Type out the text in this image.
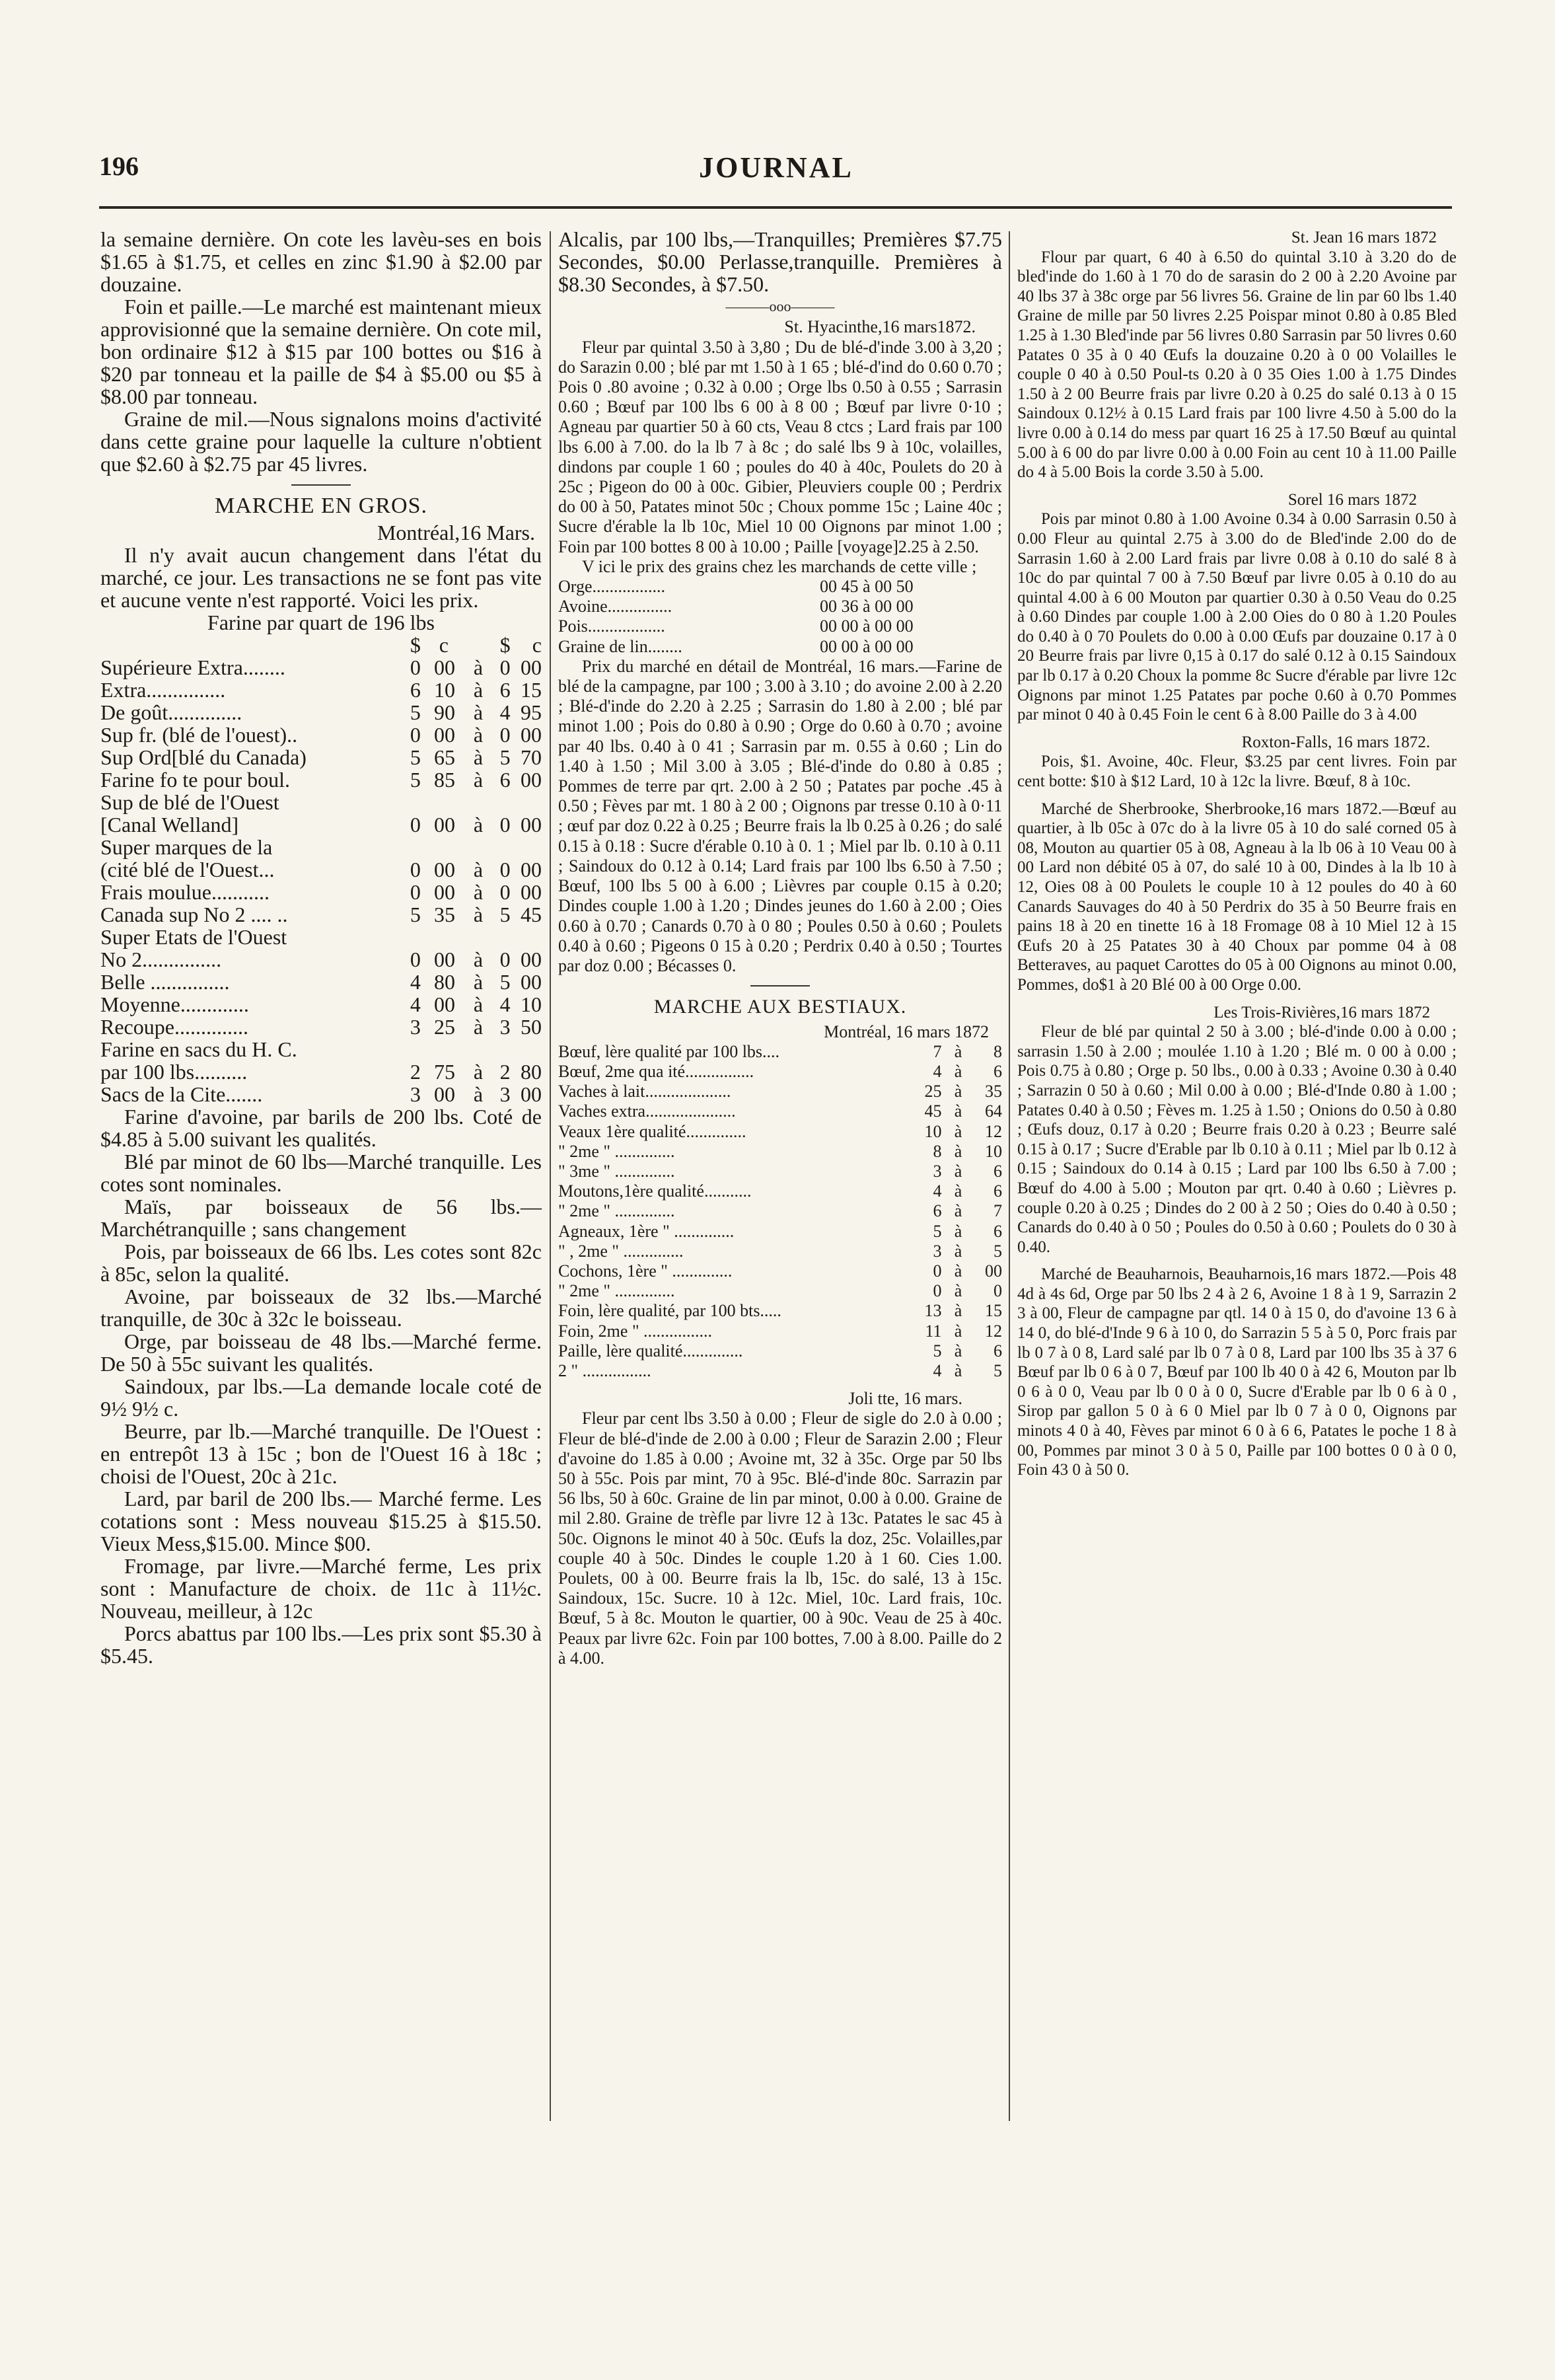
JOURNAL
196

la semaine dernière. On cote les lavèu-ses en bois $1.65 à $1.75, et celles en zinc $1.90 à $2.00 par douzaine.

Foin et paille.—Le marché est maintenant mieux approvisionné que la semaine dernière. On cote mil, bon ordinaire $12 à $15 par 100 bottes ou $16 à $20 par tonneau et la paille de $4 à $5.00 ou $5 à $8.00 par tonneau.

Graine de mil.—Nous signalons moins d'activité dans cette graine pour laquelle la culture n'obtient que $2.60 à $2.75 par 45 livres.

MARCHE EN GROS.

Montréal,16 Mars.

Il n'y avait aucun changement dans l'état du marché, ce jour. Les transactions ne se font pas vite et aucune vente n'est rapporté. Voici les prix.

Farine par quart de 196 lbs

	$	c		$	c
Supérieure Extra........	0	00	à	0	00
Extra...............	6	10	à	6	15
De goût..............	5	90	à	4	95
Sup fr. (blé de l'ouest)..	0	00	à	0	00
Sup Ord[blé du Canada)	5	65	à	5	70
Farine fo te pour boul.	5	85	à	6	00
Sup de blé de l'Ouest					
[Canal Welland]	0	00	à	0	00
Super marques de la					
(cité blé de l'Ouest...	0	00	à	0	00
Frais moulue...........	0	00	à	0	00
Canada sup No 2 .... ..	5	35	à	5	45
Super Etats de l'Ouest					
No 2...............	0	00	à	0	00
Belle ...............	4	80	à	5	00
Moyenne.............	4	00	à	4	10
Recoupe..............	3	25	à	3	50
Farine en sacs du H. C.					
par 100 lbs..........	2	75	à	2	80
Sacs de la Cite.......	3	00	à	3	00

Farine d'avoine, par barils de 200 lbs. Coté de $4.85 à 5.00 suivant les qualités.

Blé par minot de 60 lbs—Marché tranquille. Les cotes sont nominales.

Maïs, par boisseaux de 56 lbs.—Marchétranquille ; sans changement

Pois, par boisseaux de 66 lbs. Les cotes sont 82c à 85c, selon la qualité.

Avoine, par boisseaux de 32 lbs.—Marché tranquille, de 30c à 32c le boisseau.

Orge, par boisseau de 48 lbs.—Marché ferme. De 50 à 55c suivant les qualités.

Saindoux, par lbs.—La demande locale coté de 9½ 9½ c.

Beurre, par lb.—Marché tranquille. De l'Ouest : en entrepôt 13 à 15c ; bon de l'Ouest 16 à 18c ; choisi de l'Ouest, 20c à 21c.

Lard, par baril de 200 lbs.— Marché ferme. Les cotations sont : Mess nouveau $15.25 à $15.50. Vieux Mess,$15.00. Mince $00.

Fromage, par livre.—Marché ferme, Les prix sont : Manufacture de choix. de 11c à 11½c. Nouveau, meilleur, à 12c

Porcs abattus par 100 lbs.—Les prix sont $5.30 à $5.45.

Alcalis, par 100 lbs,—Tranquilles; Premières $7.75 Secondes, $0.00 Perlasse,tranquille. Premières à $8.30 Secondes, à $7.50.

———ooo———

St. Hyacinthe,16 mars1872.

Fleur par quintal 3.50 à 3,80 ; Du de blé-d'inde 3.00 à 3,20 ; do Sarazin 0.00 ; blé par mt 1.50 à 1 65 ; blé-d'ind do 0.60 0.70 ; Pois 0 .80 avoine ; 0.32 à 0.00 ; Orge lbs 0.50 à 0.55 ; Sarrasin 0.60 ; Bœuf par 100 lbs 6 00 à 8 00 ; Bœuf par livre 0·10 ; Agneau par quartier 50 à 60 cts, Veau 8 ctcs ; Lard frais par 100 lbs 6.00 à 7.00. do la lb 7 à 8c ; do salé lbs 9 à 10c, volailles, dindons par couple 1 60 ; poules do 40 à 40c, Poulets do 20 à 25c ; Pigeon do 00 à 00c. Gibier, Pleuviers couple 00 ; Perdrix do 00 à 50, Patates minot 50c ; Choux pomme 15c ; Laine 40c ; Sucre d'érable la lb 10c, Miel 10 00 Oignons par minot 1.00 ; Foin par 100 bottes 8 00 à 10.00 ; Paille [voyage]2.25 à 2.50.

V ici le prix des grains chez les marchands de cette ville ;

Orge.................	00 45 à 00 50
Avoine...............	00 36 à 00 00
Pois..................	00 00 à 00 00
Graine de lin........	00 00 à 00 00

Prix du marché en détail de Montréal, 16 mars.—Farine de blé de la campagne, par 100 ; 3.00 à 3.10 ; do avoine 2.00 à 2.20 ; Blé-d'inde do 2.20 à 2.25 ; Sarrasin do 1.80 à 2.00 ; blé par minot 1.00 ; Pois do 0.80 à 0.90 ; Orge do 0.60 à 0.70 ; avoine par 40 lbs. 0.40 à 0 41 ; Sarrasin par m. 0.55 à 0.60 ; Lin do 1.40 à 1.50 ; Mil 3.00 à 3.05 ; Blé-d'inde do 0.80 à 0.85 ; Pommes de terre par qrt. 2.00 à 2 50 ; Patates par poche .45 à 0.50 ; Fèves par mt. 1 80 à 2 00 ; Oignons par tresse 0.10 à 0·11 ; œuf par doz 0.22 à 0.25 ; Beurre frais la lb 0.25 à 0.26 ; do salé 0.15 à 0.18 : Sucre d'érable 0.10 à 0. 1 ; Miel par lb. 0.10 à 0.11 ; Saindoux do 0.12 à 0.14; Lard frais par 100 lbs 6.50 à 7.50 ; Bœuf, 100 lbs 5 00 à 6.00 ; Lièvres par couple 0.15 à 0.20; Dindes couple 1.00 à 1.20 ; Dindes jeunes do 1.60 à 2.00 ; Oies 0.60 à 0.70 ; Canards 0.70 à 0 80 ; Poules 0.50 à 0.60 ; Poulets 0.40 à 0.60 ; Pigeons 0 15 à 0.20 ; Perdrix 0.40 à 0.50 ; Tourtes par doz 0.00 ; Bécasses 0.

MARCHE AUX BESTIAUX.

Montréal, 16 mars 1872

Bœuf, lère qualité par 100 lbs....	7	à	8
Bœuf, 2me qua ité................	4	à	6
Vaches à lait....................	25	à	35
Vaches extra.....................	45	à	64
Veaux 1ère qualité..............	10	à	12
" 2me " ..............	8	à	10
" 3me " ..............	3	à	6
Moutons,1ère qualité...........	4	à	6
" 2me " ..............	6	à	7
Agneaux, 1ère " ..............	5	à	6
" , 2me " ..............	3	à	5
Cochons, 1ère " ..............	0	à	00
" 2me " ..............	0	à	0
Foin, lère qualité, par 100 bts.....	13	à	15
Foin, 2me " ................	11	à	12
Paille, lère qualité..............	5	à	6
2 " ................	4	à	5

Joli tte, 16 mars.

Fleur par cent lbs 3.50 à 0.00 ; Fleur de sigle do 2.0 à 0.00 ; Fleur de blé-d'inde de 2.00 à 0.00 ; Fleur de Sarazin 2.00 ; Fleur d'avoine do 1.85 à 0.00 ; Avoine mt, 32 à 35c. Orge par 50 lbs 50 à 55c. Pois par mint, 70 à 95c. Blé-d'inde 80c. Sarrazin par 56 lbs, 50 à 60c. Graine de lin par minot, 0.00 à 0.00. Graine de mil 2.80. Graine de trèfle par livre 12 à 13c. Patates le sac 45 à 50c. Oignons le minot 40 à 50c. Œufs la doz, 25c. Volailles,par couple 40 à 50c. Dindes le couple 1.20 à 1 60. Cies 1.00. Poulets, 00 à 00. Beurre frais la lb, 15c. do salé, 13 à 15c. Saindoux, 15c. Sucre. 10 à 12c. Miel, 10c. Lard frais, 10c. Bœuf, 5 à 8c. Mouton le quartier, 00 à 90c. Veau de 25 à 40c. Peaux par livre 62c. Foin par 100 bottes, 7.00 à 8.00. Paille do 2 à 4.00.

St. Jean 16 mars 1872

Flour par quart, 6 40 à 6.50 do quintal 3.10 à 3.20 do de bled'inde do 1.60 à 1 70 do de sarasin do 2 00 à 2.20 Avoine par 40 lbs 37 à 38c orge par 56 livres 56. Graine de lin par 60 lbs 1.40 Graine de mille par 50 livres 2.25 Poispar minot 0.80 à 0.85 Bled 1.25 à 1.30 Bled'inde par 56 livres 0.80 Sarrasin par 50 livres 0.60 Patates 0 35 à 0 40 Œufs la douzaine 0.20 à 0 00 Volailles le couple 0 40 à 0.50 Poul-ts 0.20 à 0 35 Oies 1.00 à 1.75 Dindes 1.50 à 2 00 Beurre frais par livre 0.20 à 0.25 do salé 0.13 à 0 15 Saindoux 0.12½ à 0.15 Lard frais par 100 livre 4.50 à 5.00 do la livre 0.00 à 0.14 do mess par quart 16 25 à 17.50 Bœuf au quintal 5.00 à 6 00 do par livre 0.00 à 0.00 Foin au cent 10 à 11.00 Paille do 4 à 5.00 Bois la corde 3.50 à 5.00.

Sorel 16 mars 1872

Pois par minot 0.80 à 1.00 Avoine 0.34 à 0.00 Sarrasin 0.50 à 0.00 Fleur au quintal 2.75 à 3.00 do de Bled'inde 2.00 do de Sarrasin 1.60 à 2.00 Lard frais par livre 0.08 à 0.10 do salé 8 à 10c do par quintal 7 00 à 7.50 Bœuf par livre 0.05 à 0.10 do au quintal 4.00 à 6 00 Mouton par quartier 0.30 à 0.50 Veau do 0.25 à 0.60 Dindes par couple 1.00 à 2.00 Oies do 0 80 à 1.20 Poules do 0.40 à 0 70 Poulets do 0.00 à 0.00 Œufs par douzaine 0.17 à 0 20 Beurre frais par livre 0,15 à 0.17 do salé 0.12 à 0.15 Saindoux par lb 0.17 à 0.20 Choux la pomme 8c Sucre d'érable par livre 12c Oignons par minot 1.25 Patates par poche 0.60 à 0.70 Pommes par minot 0 40 à 0.45 Foin le cent 6 à 8.00 Paille do 3 à 4.00

Roxton-Falls, 16 mars 1872.

Pois, $1. Avoine, 40c. Fleur, $3.25 par cent livres. Foin par cent botte: $10 à $12 Lard, 10 à 12c la livre. Bœuf, 8 à 10c.

Marché de Sherbrooke, Sherbrooke,16 mars 1872.—Bœuf au quartier, à lb 05c à 07c do à la livre 05 à 10 do salé corned 05 à 08, Mouton au quartier 05 à 08, Agneau à la lb 06 à 10 Veau 00 à 00 Lard non débité 05 à 07, do salé 10 à 00, Dindes à la lb 10 à 12, Oies 08 à 00 Poulets le couple 10 à 12 poules do 40 à 60 Canards Sauvages do 40 à 50 Perdrix do 35 à 50 Beurre frais en pains 18 à 20 en tinette 16 à 18 Fromage 08 à 10 Miel 12 à 15 Œufs 20 à 25 Patates 30 à 40 Choux par pomme 04 à 08 Betteraves, au paquet Carottes do 05 à 00 Oignons au minot 0.00, Pommes, do$1 à 20 Blé 00 à 00 Orge 0.00.

Les Trois-Rivières,16 mars 1872

Fleur de blé par quintal 2 50 à 3.00 ; blé-d'inde 0.00 à 0.00 ; sarrasin 1.50 à 2.00 ; moulée 1.10 à 1.20 ; Blé m. 0 00 à 0.00 ; Pois 0.75 à 0.80 ; Orge p. 50 lbs., 0.00 à 0.33 ; Avoine 0.30 à 0.40 ; Sarrazin 0 50 à 0.60 ; Mil 0.00 à 0.00 ; Blé-d'Inde 0.80 à 1.00 ; Patates 0.40 à 0.50 ; Fèves m. 1.25 à 1.50 ; Onions do 0.50 à 0.80 ; Œufs douz, 0.17 à 0.20 ; Beurre frais 0.20 à 0.23 ; Beurre salé 0.15 à 0.17 ; Sucre d'Erable par lb 0.10 à 0.11 ; Miel par lb 0.12 à 0.15 ; Saindoux do 0.14 à 0.15 ; Lard par 100 lbs 6.50 à 7.00 ; Bœuf do 4.00 à 5.00 ; Mouton par qrt. 0.40 à 0.60 ; Lièvres p. couple 0.20 à 0.25 ; Dindes do 2 00 à 2 50 ; Oies do 0.40 à 0.50 ; Canards do 0.40 à 0 50 ; Poules do 0.50 à 0.60 ; Poulets do 0 30 à 0.40.

Marché de Beauharnois, Beauharnois,16 mars 1872.—Pois 48 4d à 4s 6d, Orge par 50 lbs 2 4 à 2 6, Avoine 1 8 à 1 9, Sarrazin 2 3 à 00, Fleur de campagne par qtl. 14 0 à 15 0, do d'avoine 13 6 à 14 0, do blé-d'Inde 9 6 à 10 0, do Sarrazin 5 5 à 5 0, Porc frais par lb 0 7 à 0 8, Lard salé par lb 0 7 à 0 8, Lard par 100 lbs 35 à 37 6 Bœuf par lb 0 6 à 0 7, Bœuf par 100 lb 40 0 à 42 6, Mouton par lb 0 6 à 0 0, Veau par lb 0 0 à 0 0, Sucre d'Erable par lb 0 6 à 0 , Sirop par gallon 5 0 à 6 0 Miel par lb 0 7 à 0 0, Oignons par minots 4 0 à 40, Fèves par minot 6 0 à 6 6, Patates le poche 1 8 à 00, Pommes par minot 3 0 à 5 0, Paille par 100 bottes 0 0 à 0 0, Foin 43 0 à 50 0.
